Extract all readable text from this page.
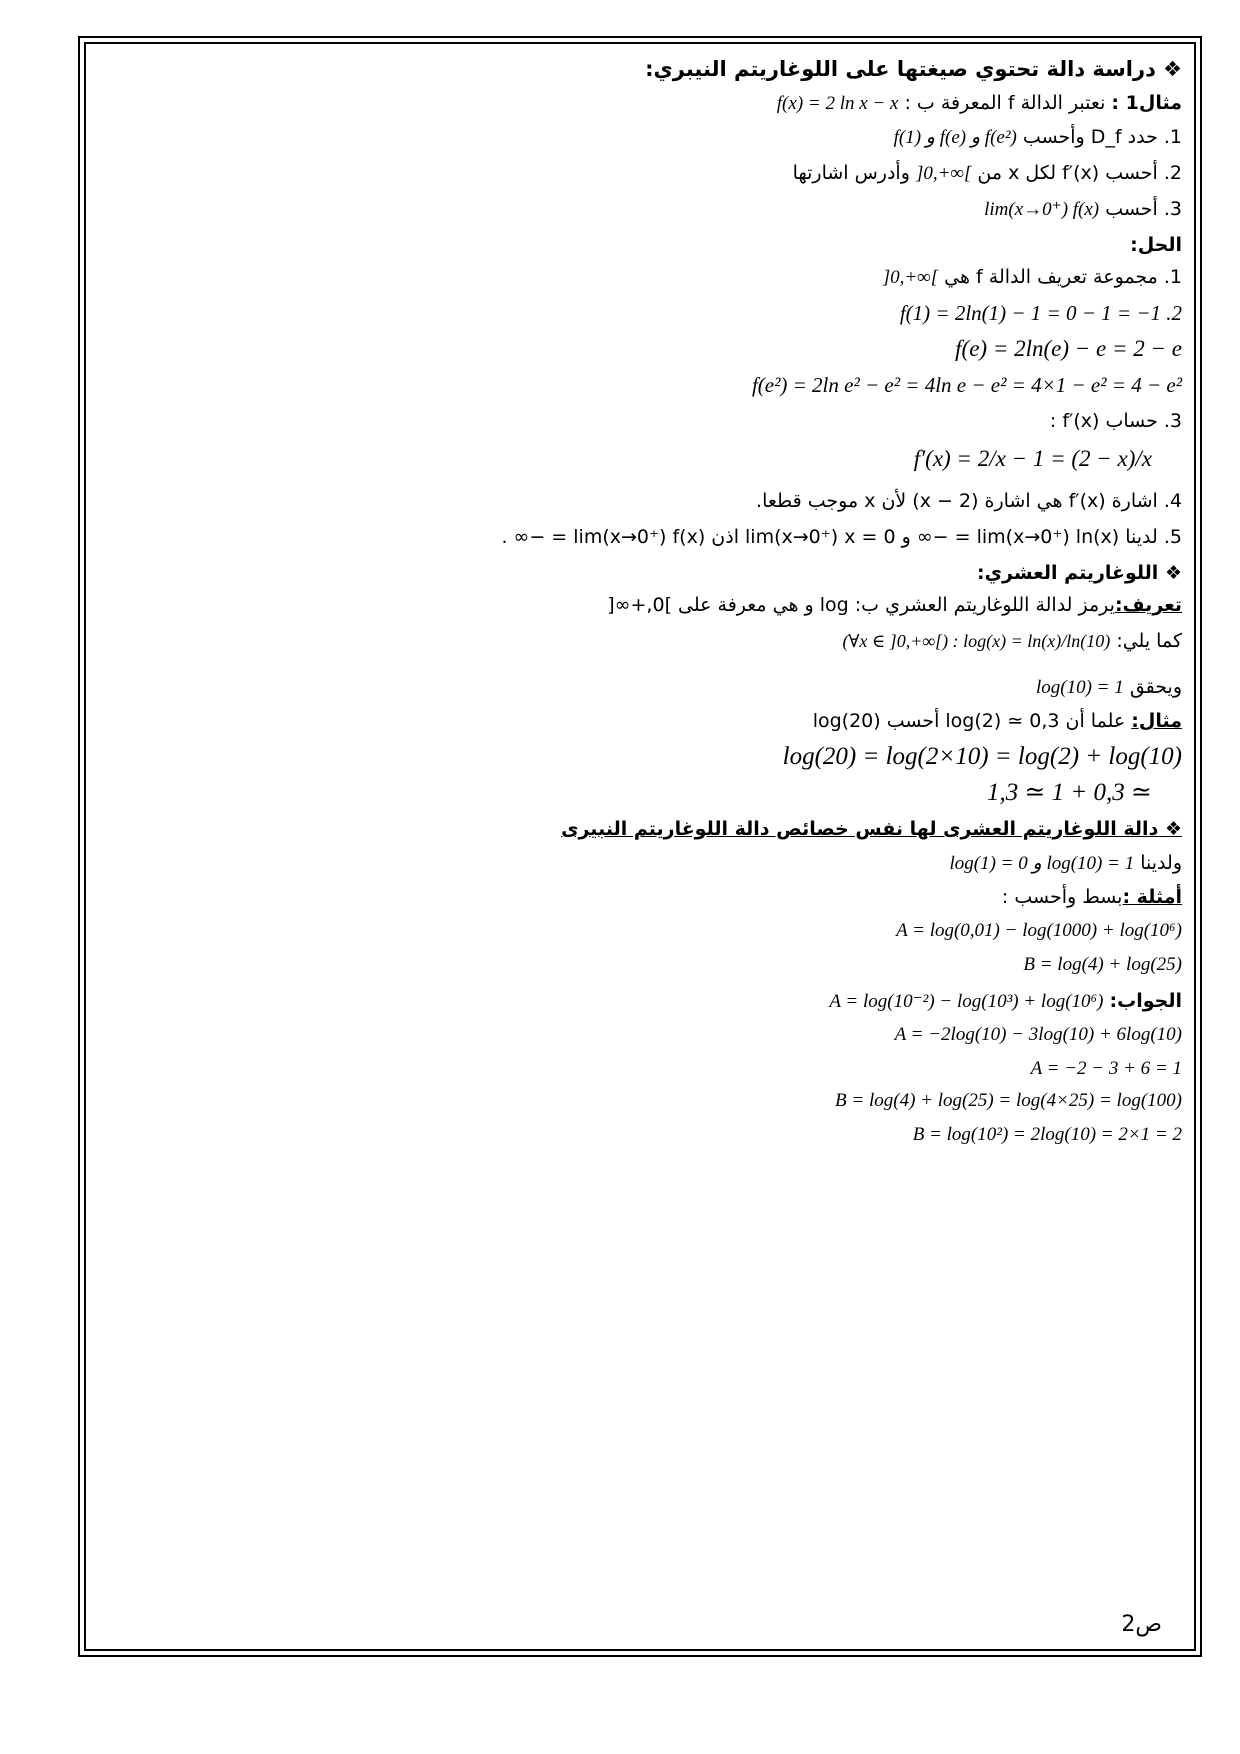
❖ دراسة دالة تحتوي صيغتها على اللوغاريتم النيبري:
مثال1 : نعتبر الدالة f المعرفة ب : f(x) = 2 ln x − x
1. حدد D_f وأحسب f(1) و f(e) و f(e²)
2. أحسب f′(x) لكل x من ]0,+∞[ وأدرس اشارتها
3. أحسب lim(x→0⁺) f(x)
الحل:
1. مجموعة تعريف الدالة f هي ]0,+∞[
2. f(1) = 2ln(1) − 1 = 0 − 1 = −1
f(e) = 2ln(e) − e = 2 − e
f(e²) = 2ln e² − e² = 4ln e − e² = 4×1 − e² = 4 − e²
3. حساب f′(x) :
f′(x) = 2/x − 1 = (2 − x)/x
4. اشارة f′(x) هي اشارة (2 − x) لأن x موجب قطعا.
5. لدينا lim(x→0⁺) ln(x) = −∞ و lim(x→0⁺) x = 0 اذن lim(x→0⁺) f(x) = −∞ .
❖ اللوغاريتم العشري:
تعريف:يرمز لدالة اللوغاريتم العشري ب: log و هي معرفة على ]0,+∞[
كما يلي: (∀x ∈ ]0,+∞[) : log(x) = ln(x)/ln(10)
ويحقق log(10) = 1
مثال: علما أن log(2) ≃ 0,3 أحسب log(20)
log(20) = log(2×10) = log(2) + log(10)
≃ 0,3 + 1 ≃ 1,3
❖ دالة اللوغاريتم العشرى لها نفس خصائص دالة اللوغاريتم النبيرى
ولدينا log(1) = 0 و log(10) = 1
أمثلة :بسط وأحسب :
A = log(0,01) − log(1000) + log(10⁶)
B = log(4) + log(25)
الجواب: A = log(10⁻²) − log(10³) + log(10⁶)
A = −2log(10) − 3log(10) + 6log(10)
A = −2 − 3 + 6 = 1
B = log(4) + log(25) = log(4×25) = log(100)
B = log(10²) = 2log(10) = 2×1 = 2
ص2
